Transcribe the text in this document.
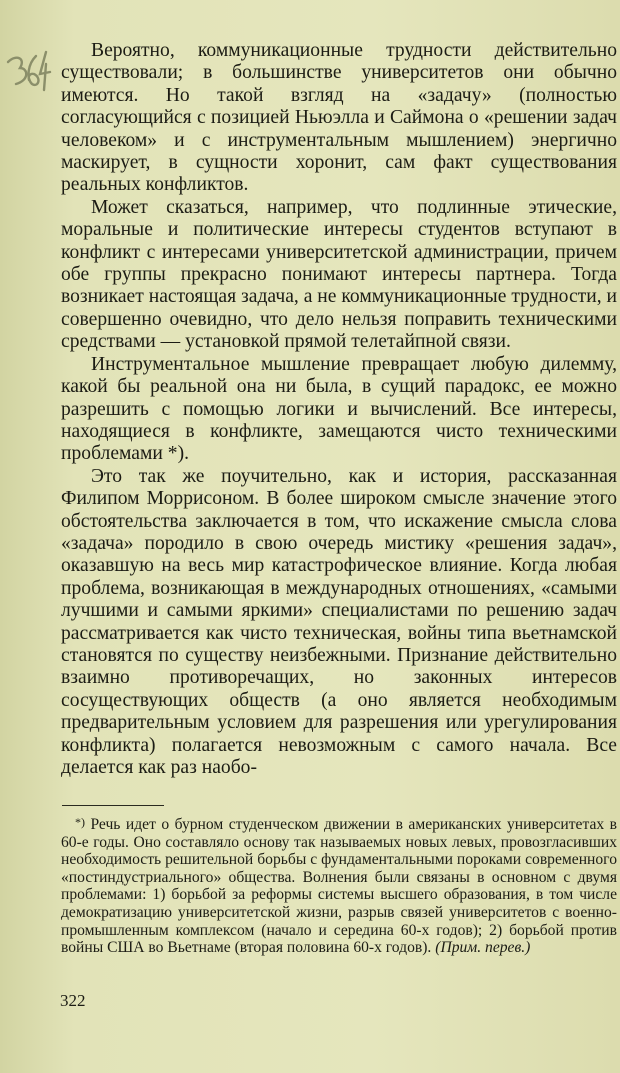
Вероятно, коммуникационные трудности действительно существовали; в большинстве университетов они обычно имеются. Но такой взгляд на «задачу» (полностью согласующийся с позицией Ньюэлла и Саймона о «решении задач человеком» и с инструментальным мышлением) энергично маскирует, в сущности хоронит, сам факт существования реальных конфликтов.

Может сказаться, например, что подлинные этические, моральные и политические интересы студентов вступают в конфликт с интересами университетской администрации, причем обе группы прекрасно понимают интересы партнера. Тогда возникает настоящая задача, а не коммуникационные трудности, и совершенно очевидно, что дело нельзя поправить техническими средствами — установкой прямой телетайпной связи.

Инструментальное мышление превращает любую дилемму, какой бы реальной она ни была, в сущий парадокс, ее можно разрешить с помощью логики и вычислений. Все интересы, находящиеся в конфликте, замещаются чисто техническими проблемами *).

Это так же поучительно, как и история, рассказанная Филипом Моррисоном. В более широком смысле значение этого обстоятельства заключается в том, что искажение смысла слова «задача» породило в свою очередь мистику «решения задач», оказавшую на весь мир катастрофическое влияние. Когда любая проблема, возникающая в международных отношениях, «самыми лучшими и самыми яркими» специалистами по решению задач рассматривается как чисто техническая, войны типа вьетнамской становятся по существу неизбежными. Признание действительно взаимно противоречащих, но законных интересов сосуществующих обществ (а оно является необходимым предварительным условием для разрешения или урегулирования конфликта) полагается невозможным с самого начала. Все делается как раз наобо-

*) Речь идет о бурном студенческом движении в американских университетах в 60-е годы. Оно составляло основу так называемых новых левых, провозгласивших необходимость решительной борьбы с фундаментальными пороками современного «постиндустриального» общества. Волнения были связаны в основном с двумя проблемами: 1) борьбой за реформы системы высшего образования, в том числе демократизацию университетской жизни, разрыв связей университетов с военно-промышленным комплексом (начало и середина 60-х годов); 2) борьбой против войны США во Вьетнаме (вторая половина 60-х годов). (Прим. перев.)

322
